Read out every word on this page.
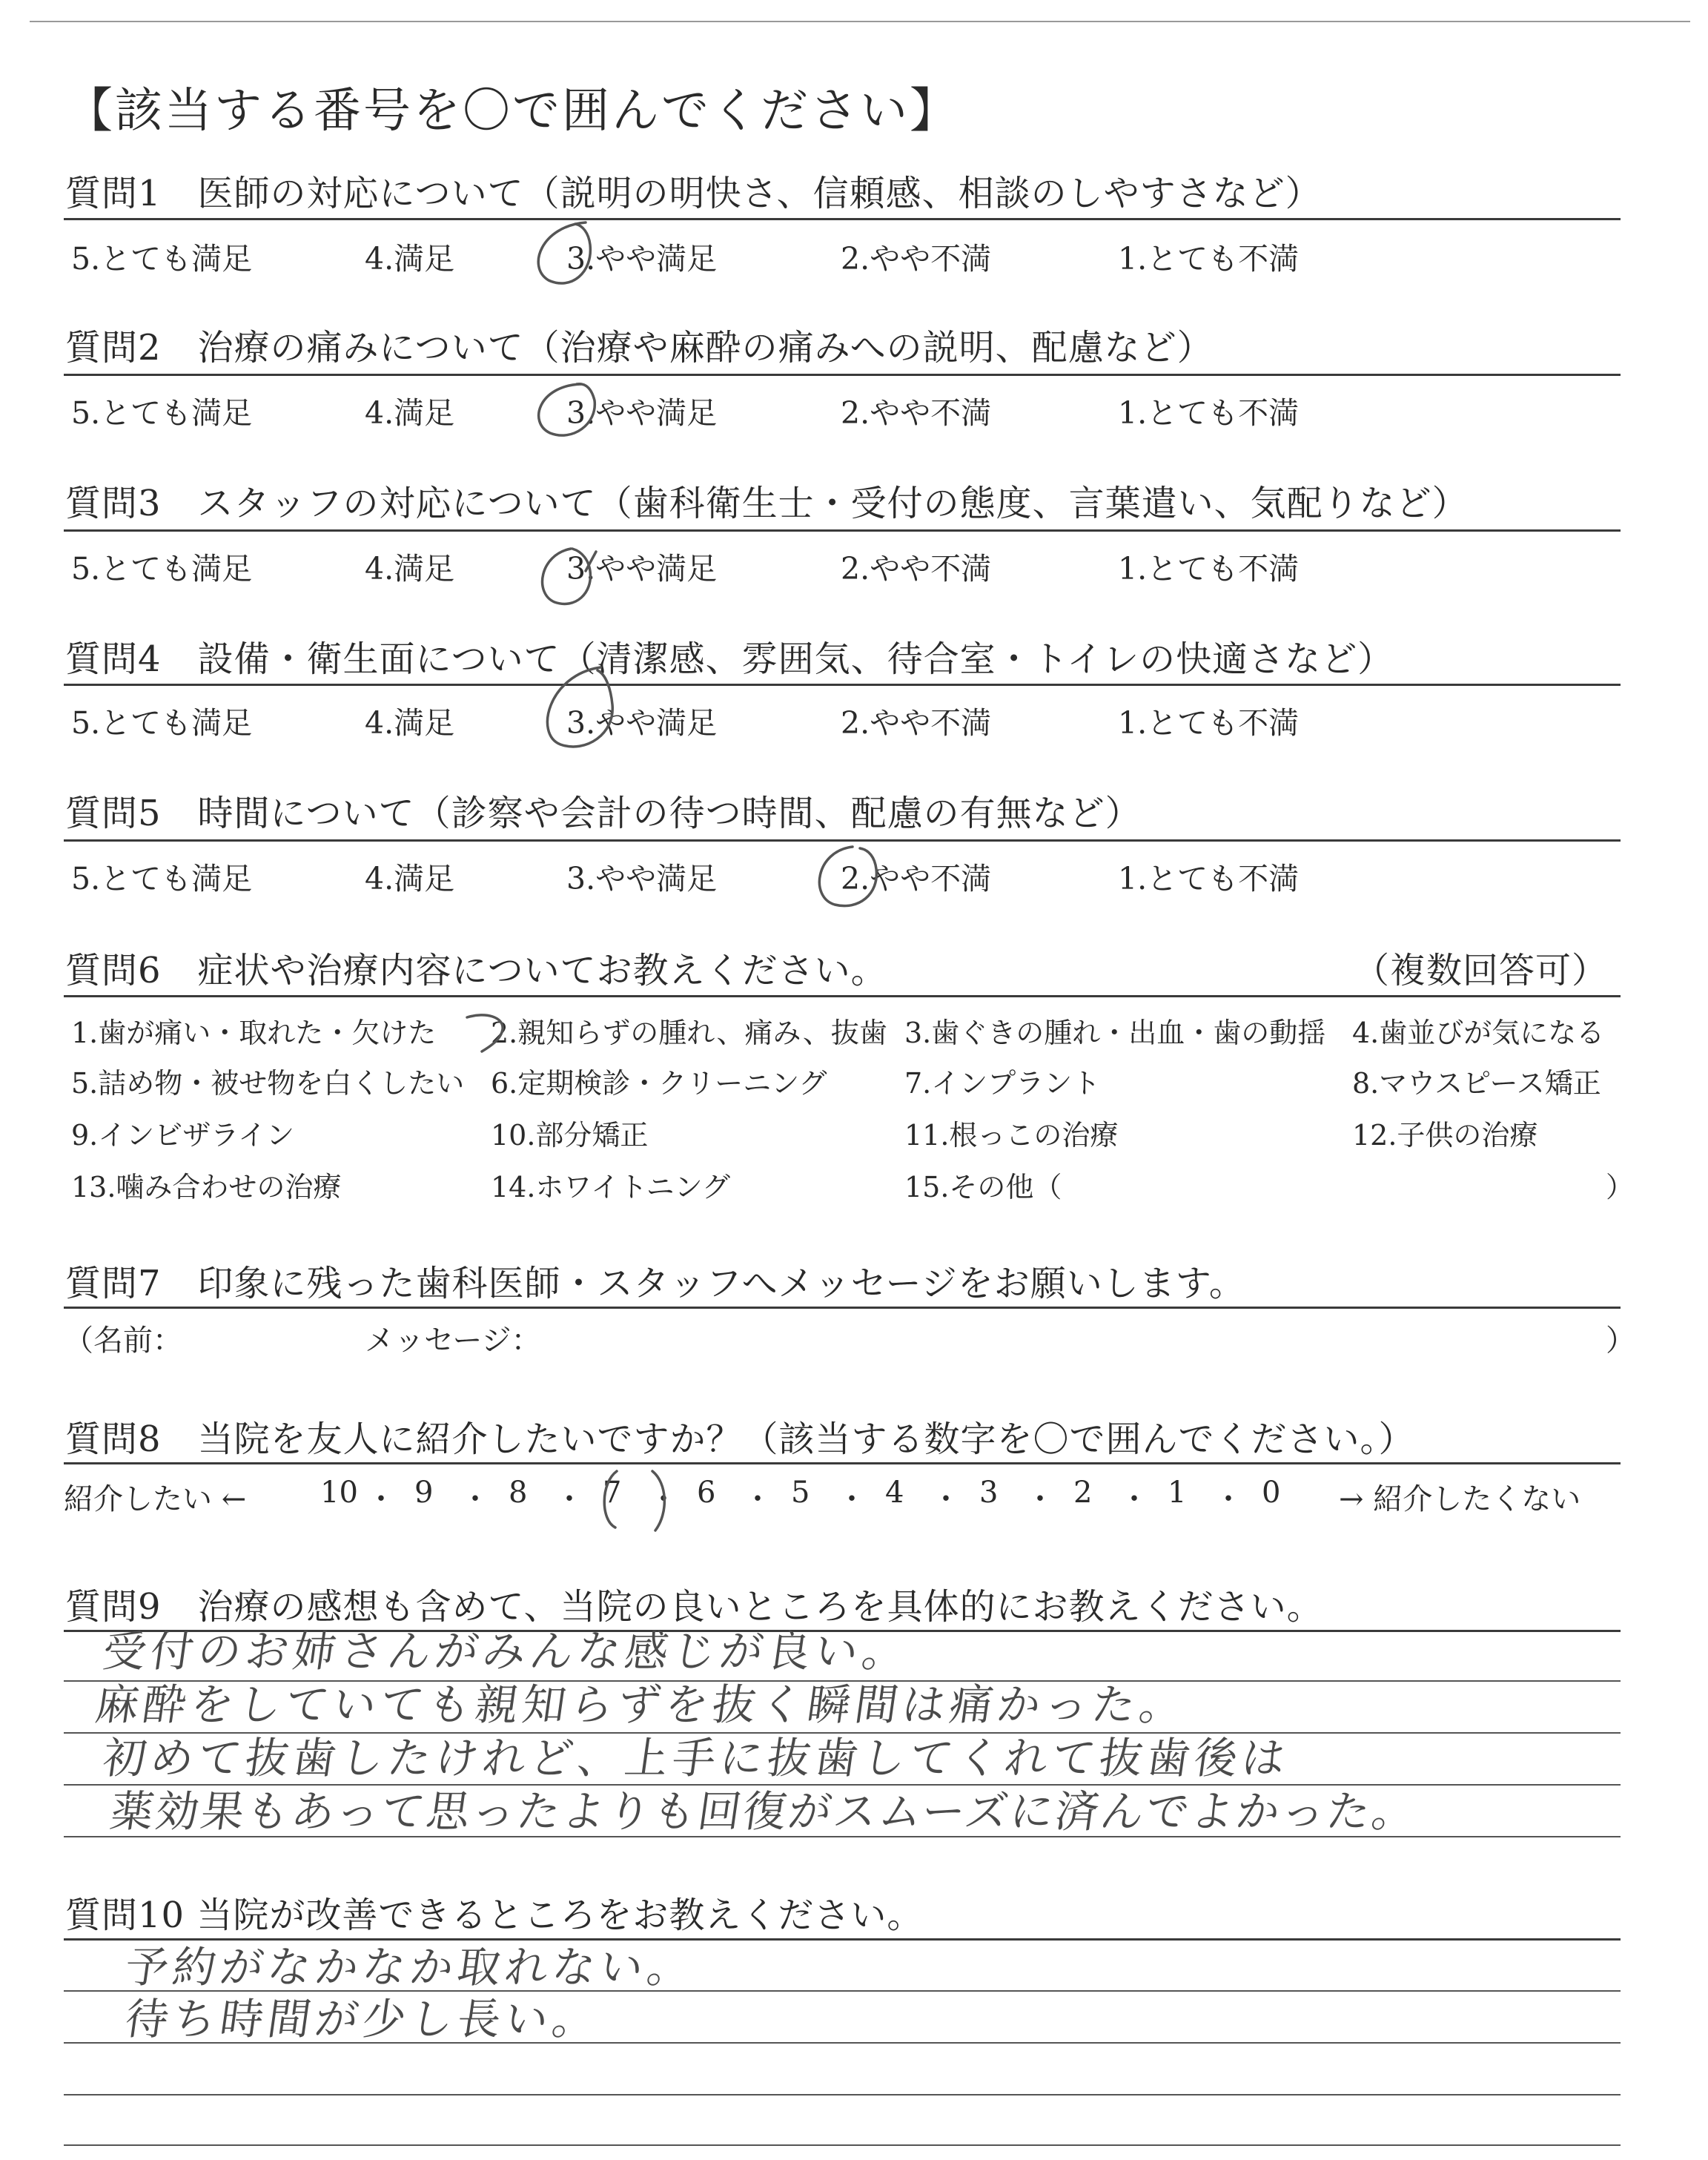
【該当する番号を〇で囲んでください】
質問1　医師の対応について（説明の明快さ、信頼感、相談のしやすさなど）
5.とても満足	4.満足	3.やや満足	2.やや不満	1.とても不満
質問2　治療の痛みについて（治療や麻酔の痛みへの説明、配慮など）
5.とても満足	4.満足	3.やや満足	2.やや不満	1.とても不満
質問3　スタッフの対応について（歯科衛生士・受付の態度、言葉遣い、気配りなど）
5.とても満足	4.満足	3.やや満足	2.やや不満	1.とても不満
質問4　設備・衛生面について（清潔感、雰囲気、待合室・トイレの快適さなど）
5.とても満足	4.満足	3.やや満足	2.やや不満	1.とても不満
質問5　時間について（診察や会計の待つ時間、配慮の有無など）
5.とても満足	4.満足	3.やや満足	2.やや不満	1.とても不満
質問6　症状や治療内容についてお教えください。	（複数回答可）
1.歯が痛い・取れた・欠けた 2.親知らずの腫れ、痛み、抜歯 3.歯ぐきの腫れ・出血・歯の動揺 4.歯並びが気になる
5.詰め物・被せ物を白くしたい 6.定期検診・クリーニング	7.インプラント	8.マウスピース矯正
9.インビザライン	10.部分矯正	11.根っこの治療	12.子供の治療
13.噛み合わせの治療	14.ホワイトニング	15.その他（	）
質問7　印象に残った歯科医師・スタッフへメッセージをお願いします。
（名前：	メッセージ：	）
質問8　当院を友人に紹介したいですか？（該当する数字を〇で囲んでください。）
紹介したい ← 10 ・ 9 ・ 8 ・ 7 ・ 6 ・ 5 ・ 4 ・ 3 ・ 2 ・ 1 ・ 0 → 紹介したくない
質問9　治療の感想も含めて、当院の良いところを具体的にお教えください。
受付のお姉さんがみんな感じが良い。
麻酔をしていても親知らずを抜く瞬間は痛かった。
初めて抜歯したけれど、上手に抜歯してくれて抜歯後は
薬効果もあって思ったよりも回復がスムーズに済んでよかった。
質問10 当院が改善できるところをお教えください。
予約がなかなか取れない。
待ち時間が少し長い。
